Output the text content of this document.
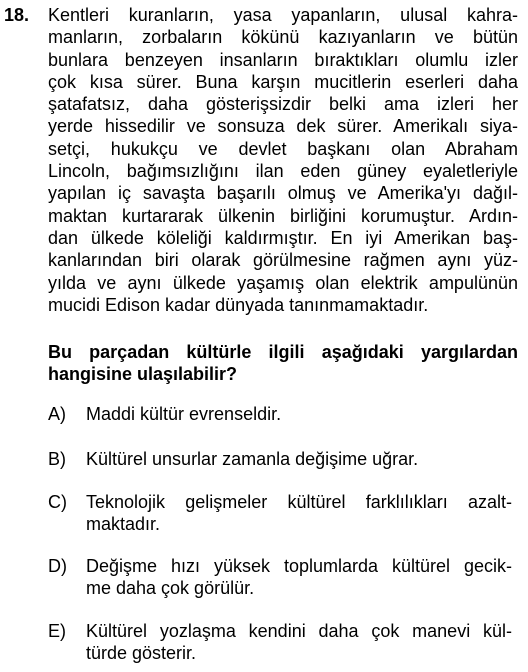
18. Kentleri kuranların, yasa yapanların, ulusal kahra-
manların, zorbaların kökünü kazıyanların ve bütün
bunlara benzeyen insanların bıraktıkları olumlu izler
çok kısa sürer. Buna karşın mucitlerin eserleri daha
şatafatsız, daha gösterişsizdir belki ama izleri her
yerde hissedilir ve sonsuza dek sürer. Amerikalı siya-
setçi, hukukçu ve devlet başkanı olan Abraham
Lincoln, bağımsızlığını ilan eden güney eyaletleriyle
yapılan iç savaşta başarılı olmuş ve Amerika'yı dağıl-
maktan kurtararak ülkenin birliğini korumuştur. Ardın-
dan ülkede köleliği kaldırmıştır. En iyi Amerikan baş-
kanlarından biri olarak görülmesine rağmen aynı yüz-
yılda ve aynı ülkede yaşamış olan elektrik ampulünün
mucidi Edison kadar dünyada tanınmamaktadır.
Bu parçadan kültürle ilgili aşağıdaki yargılardan
hangisine ulaşılabilir?
A) Maddi kültür evrenseldir.
B) Kültürel unsurlar zamanla değişime uğrar.
C) Teknolojik gelişmeler kültürel farklılıkları azalt-
maktadır.
D) Değişme hızı yüksek toplumlarda kültürel gecik-
me daha çok görülür.
E) Kültürel yozlaşma kendini daha çok manevi kül-
türde gösterir.
